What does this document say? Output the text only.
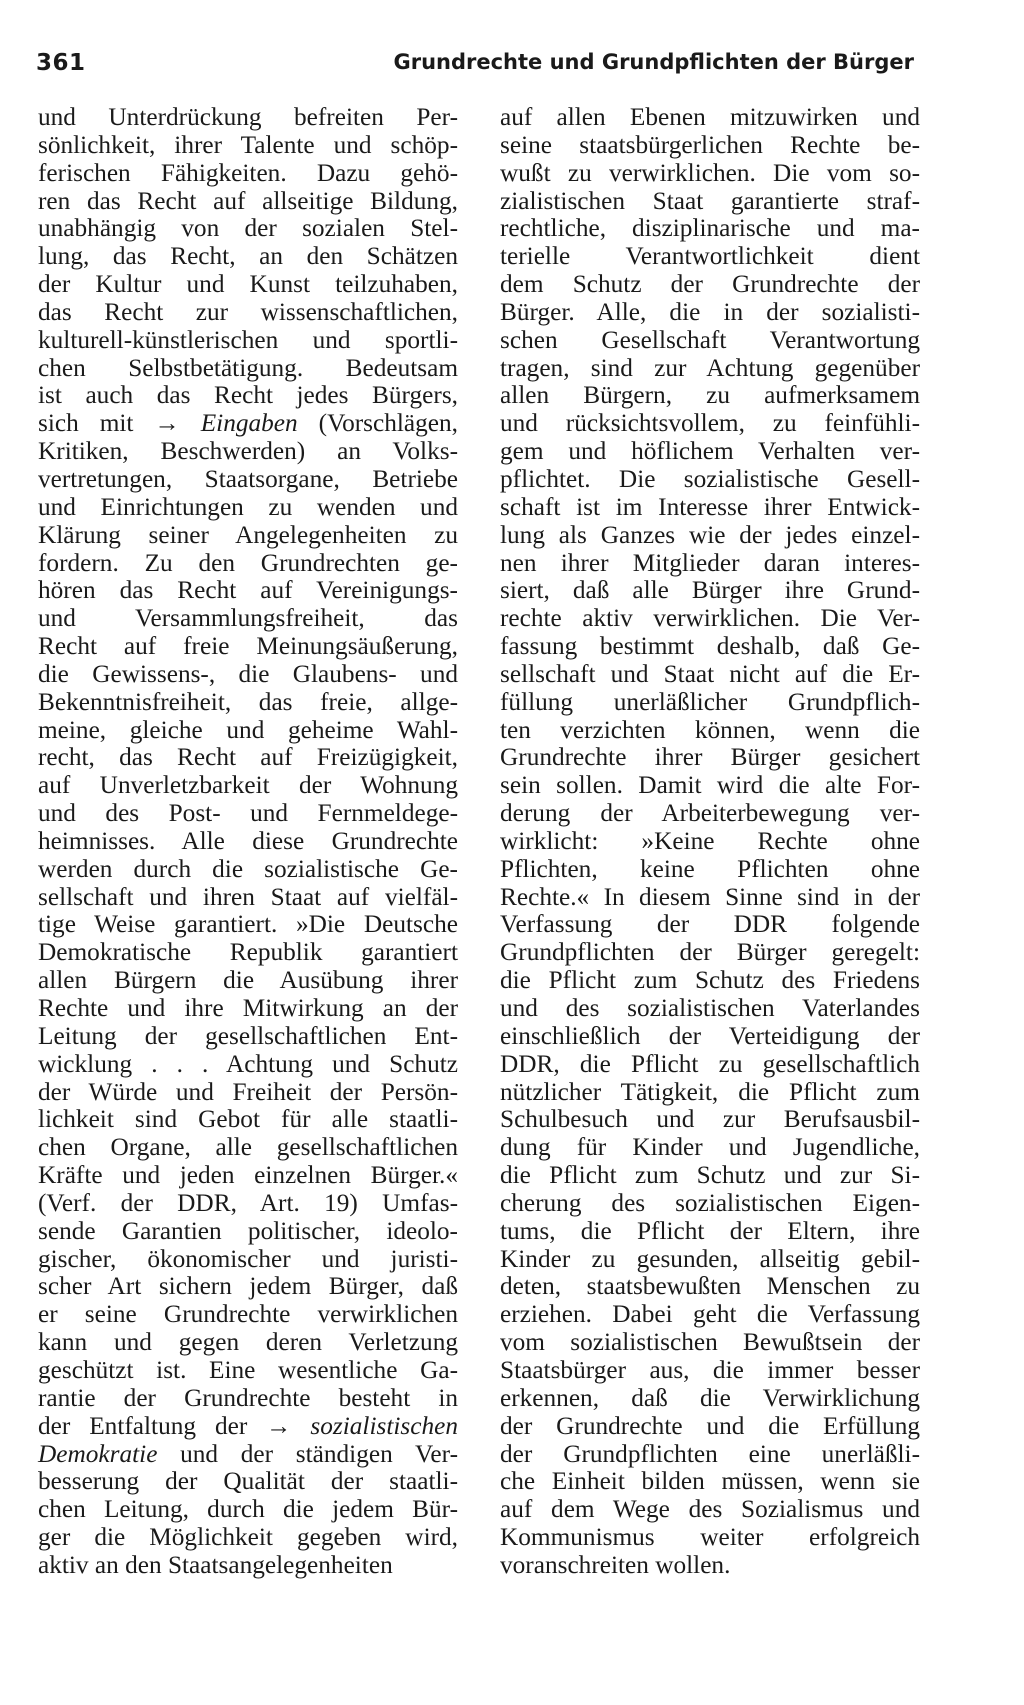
361	Grundrechte und Grundpflichten der Bürger
und Unterdrückung befreiten Per-
sönlichkeit, ihrer Talente und schöp-
ferischen Fähigkeiten. Dazu gehö-
ren das Recht auf allseitige Bildung,
unabhängig von der sozialen Stel-
lung, das Recht, an den Schätzen
der Kultur und Kunst teilzuhaben,
das Recht zur wissenschaftlichen,
kulturell-künstlerischen und sportli-
chen Selbstbetätigung. Bedeutsam
ist auch das Recht jedes Bürgers,
sich mit → Eingaben (Vorschlägen,
Kritiken, Beschwerden) an Volks-
vertretungen, Staatsorgane, Betriebe
und Einrichtungen zu wenden und
Klärung seiner Angelegenheiten zu
fordern. Zu den Grundrechten ge-
hören das Recht auf Vereinigungs-
und Versammlungsfreiheit, das
Recht auf freie Meinungsäußerung,
die Gewissens-, die Glaubens- und
Bekenntnisfreiheit, das freie, allge-
meine, gleiche und geheime Wahl-
recht, das Recht auf Freizügigkeit,
auf Unverletzbarkeit der Wohnung
und des Post- und Fernmeldege-
heimnisses. Alle diese Grundrechte
werden durch die sozialistische Ge-
sellschaft und ihren Staat auf vielfäl-
tige Weise garantiert. »Die Deutsche
Demokratische Republik garantiert
allen Bürgern die Ausübung ihrer
Rechte und ihre Mitwirkung an der
Leitung der gesellschaftlichen Ent-
wicklung . . . Achtung und Schutz
der Würde und Freiheit der Persön-
lichkeit sind Gebot für alle staatli-
chen Organe, alle gesellschaftlichen
Kräfte und jeden einzelnen Bürger.«
(Verf. der DDR, Art. 19) Umfas-
sende Garantien politischer, ideolo-
gischer, ökonomischer und juristi-
scher Art sichern jedem Bürger, daß
er seine Grundrechte verwirklichen
kann und gegen deren Verletzung
geschützt ist. Eine wesentliche Ga-
rantie der Grundrechte besteht in
der Entfaltung der → sozialistischen
Demokratie und der ständigen Ver-
besserung der Qualität der staatli-
chen Leitung, durch die jedem Bür-
ger die Möglichkeit gegeben wird,
aktiv an den Staatsangelegenheiten
auf allen Ebenen mitzuwirken und
seine staatsbürgerlichen Rechte be-
wußt zu verwirklichen. Die vom so-
zialistischen Staat garantierte straf-
rechtliche, disziplinarische und ma-
terielle Verantwortlichkeit dient
dem Schutz der Grundrechte der
Bürger. Alle, die in der sozialisti-
schen Gesellschaft Verantwortung
tragen, sind zur Achtung gegenüber
allen Bürgern, zu aufmerksamem
und rücksichtsvollem, zu feinfühli-
gem und höflichem Verhalten ver-
pflichtet. Die sozialistische Gesell-
schaft ist im Interesse ihrer Entwick-
lung als Ganzes wie der jedes einzel-
nen ihrer Mitglieder daran interes-
siert, daß alle Bürger ihre Grund-
rechte aktiv verwirklichen. Die Ver-
fassung bestimmt deshalb, daß Ge-
sellschaft und Staat nicht auf die Er-
füllung unerläßlicher Grundpflich-
ten verzichten können, wenn die
Grundrechte ihrer Bürger gesichert
sein sollen. Damit wird die alte For-
derung der Arbeiterbewegung ver-
wirklicht: »Keine Rechte ohne
Pflichten, keine Pflichten ohne
Rechte.« In diesem Sinne sind in der
Verfassung der DDR folgende
Grundpflichten der Bürger geregelt:
die Pflicht zum Schutz des Friedens
und des sozialistischen Vaterlandes
einschließlich der Verteidigung der
DDR, die Pflicht zu gesellschaftlich
nützlicher Tätigkeit, die Pflicht zum
Schulbesuch und zur Berufsausbil-
dung für Kinder und Jugendliche,
die Pflicht zum Schutz und zur Si-
cherung des sozialistischen Eigen-
tums, die Pflicht der Eltern, ihre
Kinder zu gesunden, allseitig gebil-
deten, staatsbewußten Menschen zu
erziehen. Dabei geht die Verfassung
vom sozialistischen Bewußtsein der
Staatsbürger aus, die immer besser
erkennen, daß die Verwirklichung
der Grundrechte und die Erfüllung
der Grundpflichten eine unerläßli-
che Einheit bilden müssen, wenn sie
auf dem Wege des Sozialismus und
Kommunismus weiter erfolgreich
voranschreiten wollen.
